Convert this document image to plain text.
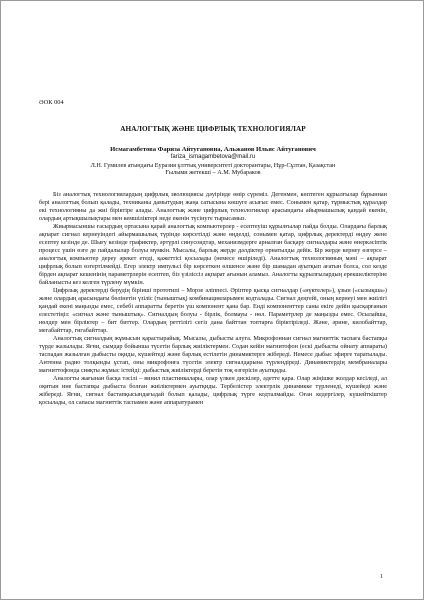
ӘОК 004
АНАЛОГТЫҚ ЖӘНЕ ЦИФРЛЫҚ ТЕХНОЛОГИЯЛАР
Исмагамбетова Фариза Айтугановна, Альжанов Ильяс Айтуганович
fariza_ismagambetova@mail.ru
Л.Н. Гумилев атындағы Еуразия ұлттық университеті доктoрантары, Нұр-Сұлтан, Қазақстан
Ғылыми жетекші – А.М. Мубараков

Біз аналогтық технологиялардың цифрлық эволюциясы дәуірінде өмір сүреміз. Дегенмен, көптеген құрылғылар бұрыннан бері аналогтық болып қалады, техниканы дамытудың жаңа сатысына көшуге асығыс емес. Сонымен қатар, тұрмыстық құралдар екі технологияны да жиі біріктіре алады. Аналогтық және цифрлық технологиялар арасындағы айырмашылық қандай екенін, олардың артықшылықтары мен кемшіліктері неде екенін түсінуге тырысамыз.

Жиырмасыншы ғасырдың ортасына қарай аналогтық компьютерлер - есептеуіш құрылғылар пайда болды. Олардағы барлық ақпарат сигнал кернеуіндегі айырмашылық түрінде көрсетілді және өңделді, сонымен қатар, цифрлық деректерді өңдеу жене есептеу кезінде де. Шығу кезінде графиктер, әртүрлі синусоидтар, механизмдерге арналған басқару сигналдары және өнеркәсіптік процесс үшін өзге де пайдалылар болуы мүмкін. Мысалы, барлық жерде дәлдіктер орнатылды дейік. Бір жерде кернеу өзгерсе – аналогтық компьютер дереу әрекет етеді, қажеттісі қосылады (немесе өшіріледі). Аналогтық технологияның мәні – ақпарат цифрлық болып өзгертілмейді. Егер электр импульсі бір көрсеткен өлшенсе және бір шамадан ауытқып ағатын болса, сол кезде бірден ақпарат кешенінің параметрлерін есептеп, біз үзіліссіз ақпарат ағынын аламыз. Аналогты құрылғылардың ерекшеліктеріне байланысты кез келген түрлену мүмкін.

Цифрлық деректерді берудің бірінші прототипі – Морзе әліппесі. Әріптер қысқа сигналдар («нүктелер»), ұзын («сызықша») және олардың арасындағы бөлінетін үзіліс (тыныштық) комбинацияларымен кодталады. Сигнал деңгейі, оның кернеуі мен жиілігі қандай екені маңызды емес, себебі аппаратты беретін үш компонент қана бар. Енді компоненттер саны екіге дейін қысқарғанын елестетіңіз: «сигнал және тыныштық». Сигналдың болуы - бірлік, болмауы - нөл. Параметрлер де маңызды емес. Осылайша, нөлдер мен бірліктер – бит биттер. Олардың реттілігі сегіз дана байттан топтарға біріктіріледі. Және, әрине, килобайттар, мегабайттар, гигабайттар.

Аналогтық сигналдың жұмысын қарастырайық. Мысалы, дыбысты алуға. Микрофоннан сигнал магниттік таспаға бастапқы түрде жазылады. Яғни, сымдар бойынша түсетін барлық жиіліктермен. Содан кейін магнитофон (ескі дыбысты ойнату аппараты) таспадан жазылған дыбысты оқиды, күшейтеді және барлық естілетін динамиктерге жібереді. Немесе дыбыс эфирге таратылады. Антенна радио толқынды ұстап, оны микрофонға түсетін электр сигналдарына түрлендіреді. Динамиктердің мембраналары магниттофонда сияқты жұмыс істейді: дыбыстық жиіліктерді беретін тоқ өзгерісін ауытқиды.

Аналогты жағынан басқа тәсілі – винил пластинкалары, олар үлкен дискілер, әдетте қара. Олар жіңішке жолдар кесіледі, ал оқитын ине бастапқы дыбыста болған жиіліктермен ауытқиды. Тербелістер электрлік динамикке түрленеді, күшейеді және жібереді. Яғни, сигнал бастапқысындағыдай болып қалады, цифрлық түрге кодталмайды. Оған кедергілер, күшейткіштер қосылады, ол сапасы магниттік таспамен және аппаратурамен

1
